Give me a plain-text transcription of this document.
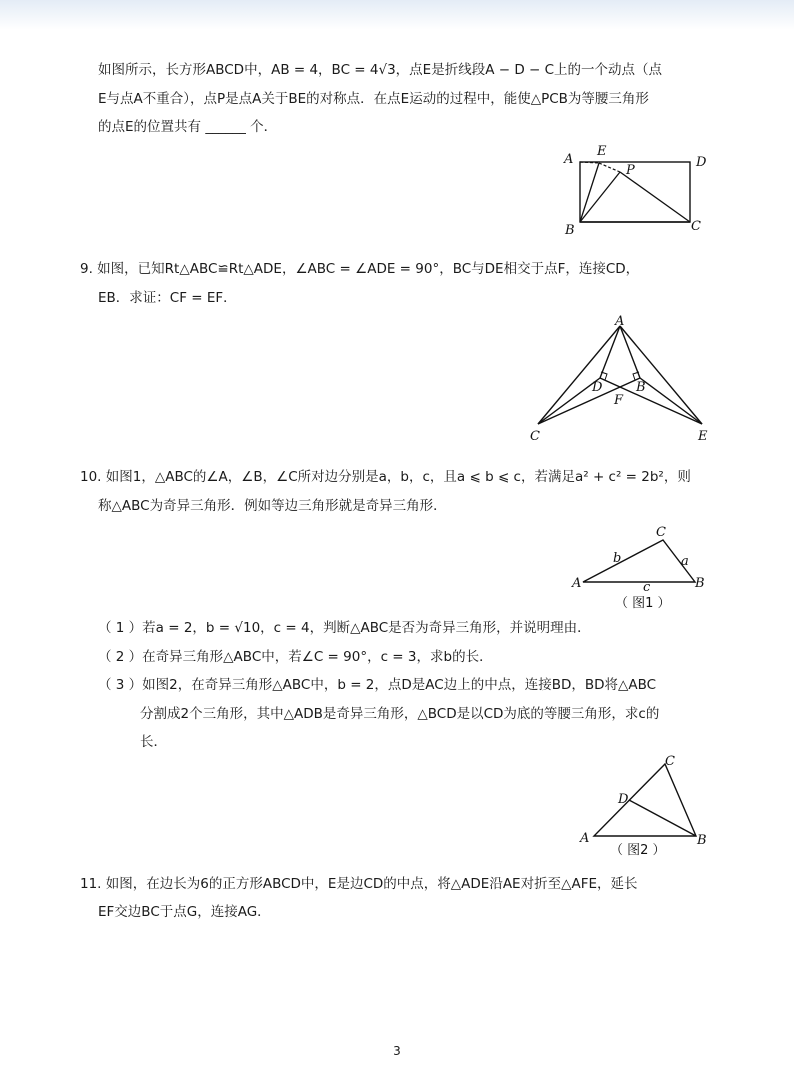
如图所示，长方形ABCD中，AB = 4，BC = 4√3，点E是折线段A − D − C上的一个动点（点
E与点A不重合），点P是点A关于BE的对称点．在点E运动的过程中，能使△PCB为等腰三角形
的点E的位置共有 ______ 个．
A
E
P
D
B	C
9. 如图，已知Rt△ABC≌Rt△ADE，∠ABC = ∠ADE = 90°，BC与DE相交于点F，连接CD，
EB．求证：CF = EF．
A
D	B
F
C	E
10. 如图1，△ABC的∠A，∠B，∠C所对边分别是a，b，c，且a ⩽ b ⩽ c，若满足a² + c² = 2b²，则
称△ABC为奇异三角形．例如等边三角形就是奇异三角形．
C
b	a
A	c	B
（ 图1 ）
（ 1 ）若a = 2，b = √10，c = 4，判断△ABC是否为奇异三角形，并说明理由．
（ 2 ）在奇异三角形△ABC中，若∠C = 90°，c = 3，求b的长．
（ 3 ）如图2，在奇异三角形△ABC中，b = 2，点D是AC边上的中点，连接BD，BD将△ABC
分割成2个三角形，其中△ADB是奇异三角形，△BCD是以CD为底的等腰三角形，求c的
长．
C
D
A	B
（ 图2 ）
11. 如图，在边长为6的正方形ABCD中，E是边CD的中点，将△ADE沿AE对折至△AFE，延长
EF交边BC于点G，连接AG．
3
